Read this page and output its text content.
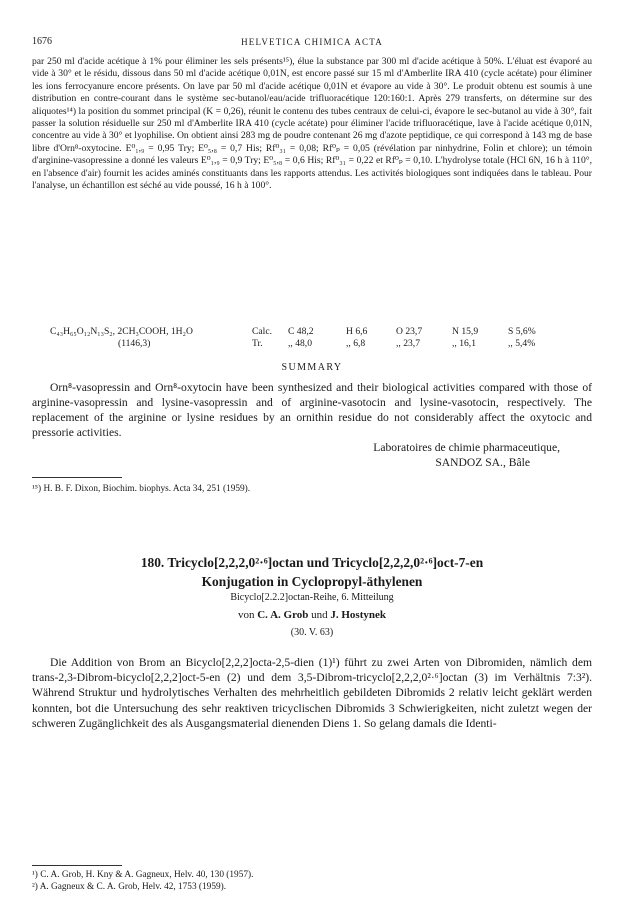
1676	HELVETICA CHIMICA ACTA

par 250 ml d'acide acétique à 1% pour éliminer les sels présents¹⁵), élue la substance par 300 ml d'acide acétique à 50%. L'éluat est évaporé au vide à 30° et le résidu, dissous dans 50 ml d'acide acétique 0,01N, est encore passé sur 15 ml d'Amberlite IRA 410 (cycle acétate) pour éliminer les ions ferrocyanure encore présents. On lave par 50 ml d'acide acétique 0,01N et évapore au vide à 30°. Le produit obtenu est soumis à une distribution en contre-courant dans le système sec-butanol/eau/acide trifluoracétique 120:160:1. Après 279 transferts, on détermine sur des aliquotes¹⁴) la position du sommet principal (K = 0,26), réunit le contenu des tubes centraux de celui-ci, évapore le sec-butanol au vide à 30°, fait passer la solution résiduelle sur 250 ml d'Amberlite IRA 410 (cycle acétate) pour éliminer l'acide trifluoracétique, lave à l'acide acétique 0,01N, concentre au vide à 30° et lyophilise. On obtient ainsi 283 mg de poudre contenant 26 mg d'azote peptidique, ce qui correspond à 143 mg de base libre d'Orn⁸-oxytocine. E⁰₁,₉ = 0,95 Try; E⁰₅,₈ = 0,7 His; Rf⁰₃₁ = 0,08; Rf⁰ₚ = 0,05 (révélation par ninhydrine, Folin et chlore); un témoin d'arginine-vasopressine a donné les valeurs E⁰₁,₉ = 0,9 Try; E⁰₅,₈ = 0,6 His; Rf⁰₃₁ = 0,22 et Rf⁰ₚ = 0,10. L'hydrolyse totale (HCl 6N, 16 h à 110°, en l'absence d'air) fournit les acides aminés constituants dans les rapports attendus. Les activités biologiques sont indiquées dans le tableau. Pour l'analyse, un échantillon est séché au vide poussé, 16 h à 100°.

C₄₃H₆₅O₁₂N₁₃S₂, 2CH₃COOH, 1H₂O	Calc. C 48,2	H 6,6	O 23,7	N 15,9	S 5,6%
(1146,3)	Tr.	,, 48,0	,, 6,8	,, 23,7	,, 16,1	,, 5,4%
SUMMARY

Orn⁸-vasopressin and Orn⁸-oxytocin have been synthesized and their biological activities compared with those of arginine-vasopressin and lysine-vasopressin and of arginine-vasotocin and lysine-vasotocin, respectively. The replacement of the arginine or lysine residues by an ornithin residue do not considerably affect the oxytocic and pressorie activities.

Laboratoires de chimie pharmaceutique,
SANDOZ SA., Bâle
¹⁵) H. B. F. Dixon, Biochim. biophys. Acta 34, 251 (1959).
180. Tricyclo[2,2,2,0²·⁶]octan und Tricyclo[2,2,2,0²·⁶]oct-7-en
Konjugation in Cyclopropyl-äthylenen
Bicyclo[2.2.2]octan-Reihe, 6. Mitteilung
von C. A. Grob und J. Hostynek
(30. V. 63)

Die Addition von Brom an Bicyclo[2,2,2]octa-2,5-dien (1)¹) führt zu zwei Arten von Dibromiden, nämlich dem trans-2,3-Dibrom-bicyclo[2,2,2]oct-5-en (2) und dem 3,5-Dibrom-tricyclo[2,2,2,0²·⁶]octan (3) im Verhältnis 7:3²). Während Struktur und hydrolytisches Verhalten des mehrheitlich gebildeten Dibromids 2 relativ leicht geklärt werden konnten, bot die Untersuchung des sehr reaktiven tricyclischen Dibromids 3 Schwierigkeiten, nicht zuletzt wegen der schweren Zugänglichkeit des als Ausgangsmaterial dienenden Diens 1. So gelang damals die Identi-

¹) C. A. Grob, H. Kny & A. Gagneux, Helv. 40, 130 (1957).
²) A. Gagneux & C. A. Grob, Helv. 42, 1753 (1959).
